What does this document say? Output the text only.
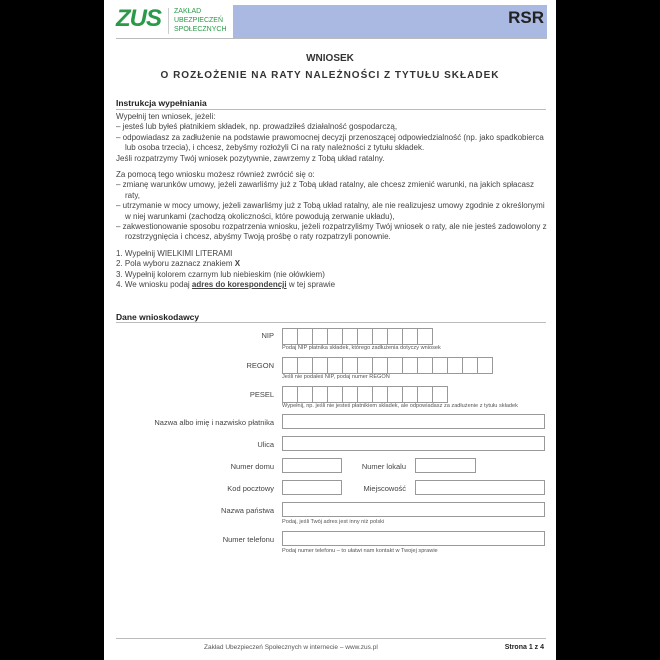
ZUS ZAKŁAD
UBEZPIECZEŃ
SPOŁECZNYCH
RSR
WNIOSEK
O ROZŁOŻENIE NA RATY NALEŻNOŚCI Z TYTUŁU SKŁADEK
Instrukcja wypełniania

Wypełnij ten wniosek, jeżeli:

– jesteś lub byłeś płatnikiem składek, np. prowadziłeś działalność gospodarczą,

– odpowiadasz za zadłużenie na podstawie prawomocnej decyzji przenoszącej odpowiedzialność (np. jako spadkobierca lub osoba trzecia), i chcesz, żebyśmy rozłożyli Ci na raty należności z tytułu składek.

Jeśli rozpatrzymy Twój wniosek pozytywnie, zawrzemy z Tobą układ ratalny.

Za pomocą tego wniosku możesz również zwrócić się o:

– zmianę warunków umowy, jeżeli zawarliśmy już z Tobą układ ratalny, ale chcesz zmienić warunki, na jakich spłacasz raty,

– utrzymanie w mocy umowy, jeżeli zawarliśmy już z Tobą układ ratalny, ale nie realizujesz umowy zgodnie z określonymi w niej warunkami (zachodzą okoliczności, które powodują zerwanie układu),

– zakwestionowanie sposobu rozpatrzenia wniosku, jeżeli rozpatrzyliśmy Twój wniosek o raty, ale nie jesteś zadowolony z rozstrzygnięcia i chcesz, abyśmy Twoją prośbę o raty rozpatrzyli ponownie.

1. Wypełnij WIELKIMI LITERAMI

2. Pola wyboru zaznacz znakiem X

3. Wypełnij kolorem czarnym lub niebieskim (nie ołówkiem)

4. We wniosku podaj adres do korespondencji w tej sprawie

Dane wnioskodawcy
NIP
Podaj NIP płatnika składek, którego zadłużenia dotyczy wniosek
REGON
Jeśli nie podałeś NIP, podaj numer REGON
PESEL
Wypełnij, np. jeśli nie jesteś płatnikiem składek, ale odpowiadasz za zadłużenie z tytułu składek
Nazwa albo imię i nazwisko płatnika
Ulica
Numer domu	Numer lokalu
Kod pocztowy	Miejscowość
Nazwa państwa
Podaj, jeśli Twój adres jest inny niż polski
Numer telefonu
Podaj numer telefonu – to ułatwi nam kontakt w Twojej sprawie
Zakład Ubezpieczeń Społecznych w internecie – www.zus.pl	Strona 1 z 4
